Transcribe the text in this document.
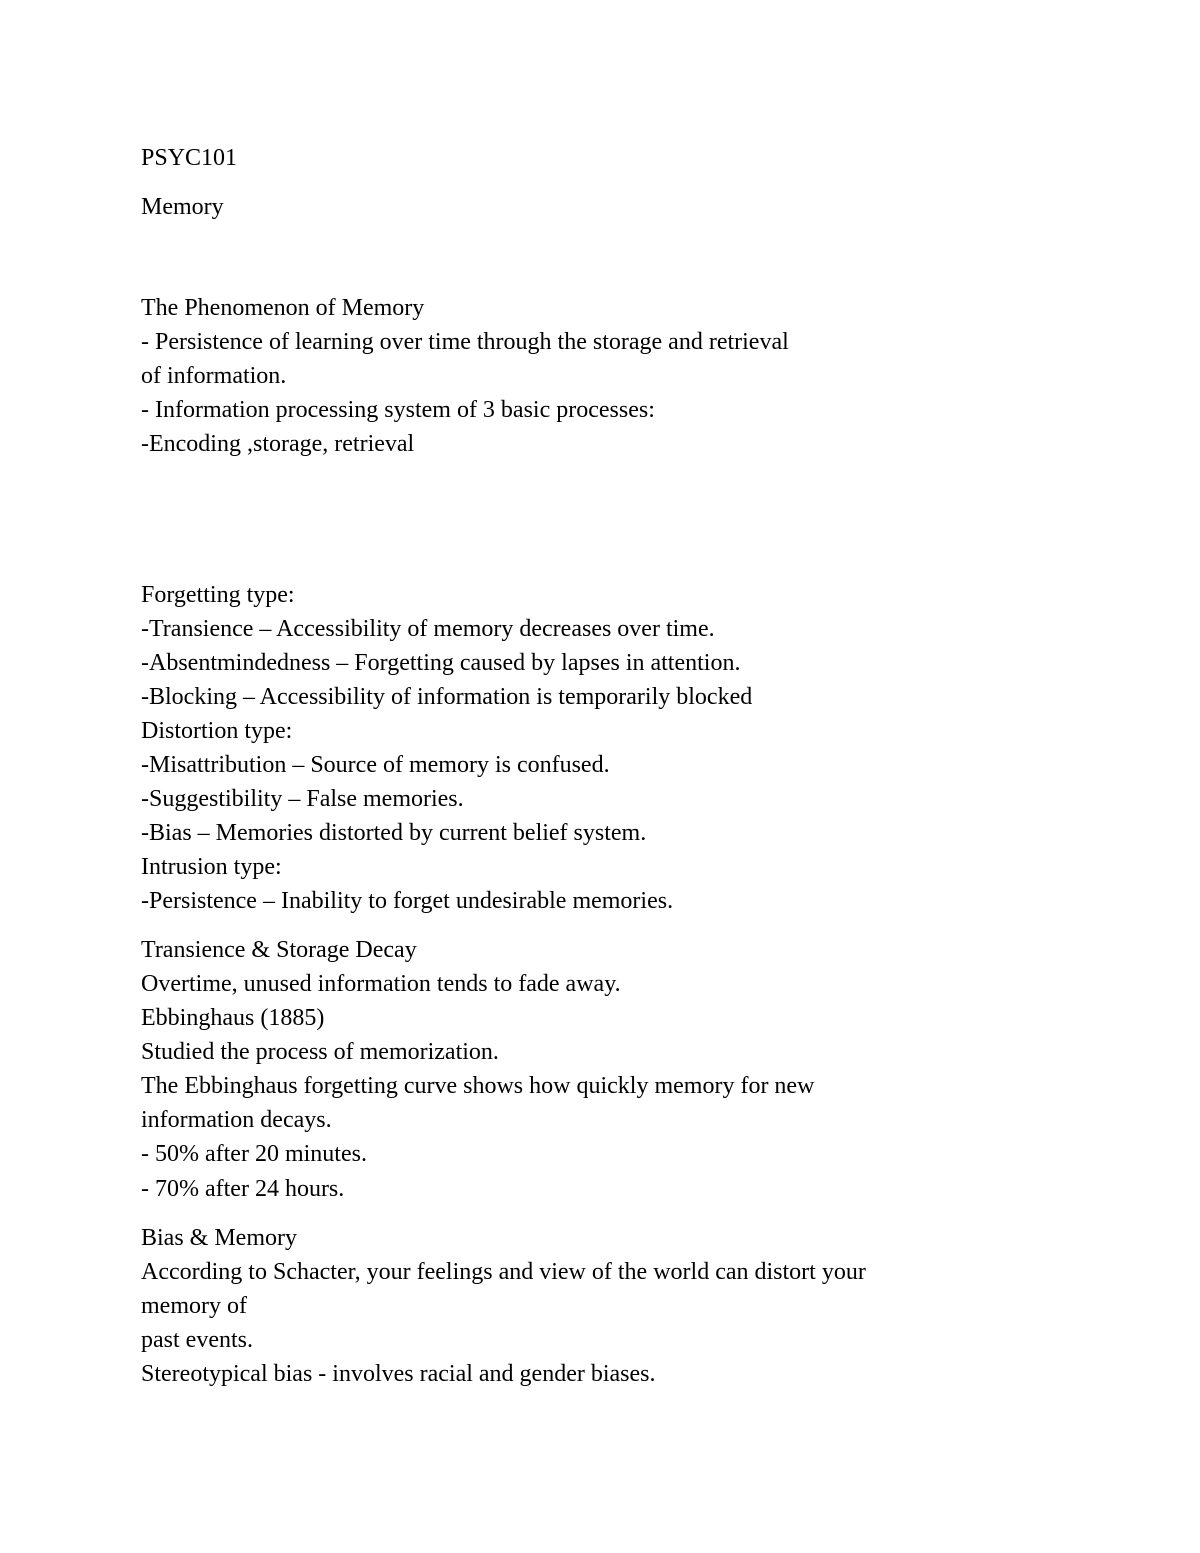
PSYC101

Memory

The Phenomenon of Memory

- Persistence of learning over time through the storage and retrieval

of information.

- Information processing system of 3 basic processes:

-Encoding ,storage, retrieval

Forgetting type:

-Transience – Accessibility of memory decreases over time.

-Absentmindedness – Forgetting caused by lapses in attention.

-Blocking – Accessibility of information is temporarily blocked

Distortion type:

-Misattribution – Source of memory is confused.

-Suggestibility – False memories.

-Bias – Memories distorted by current belief system.

Intrusion type:

-Persistence – Inability to forget undesirable memories.

Transience & Storage Decay

Overtime, unused information tends to fade away.

Ebbinghaus (1885)

Studied the process of memorization.

The Ebbinghaus forgetting curve shows how quickly memory for new

information decays.

- 50% after 20 minutes.

- 70% after 24 hours.

Bias & Memory

According to Schacter, your feelings and view of the world can distort your

memory of

past events.

Stereotypical bias - involves racial and gender biases.
